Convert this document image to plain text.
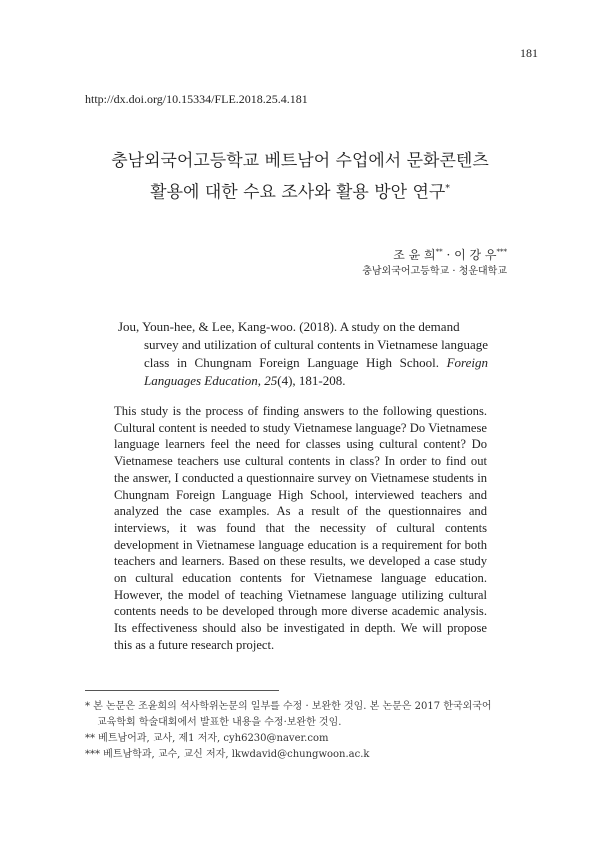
181
http://dx.doi.org/10.15334/FLE.2018.25.4.181
충남외국어고등학교 베트남어 수업에서 문화콘텐츠
활용에 대한 수요 조사와 활용 방안 연구*
조 윤 희** · 이 강 우***
충남외국어고등학교 · 청운대학교
Jou, Youn-hee, & Lee, Kang-woo. (2018). A study on the demand
survey and utilization of cultural contents in Vietnamese language class in Chungnam Foreign Language High School. Foreign Languages Education, 25(4), 181-208.

This study is the process of finding answers to the following questions. Cultural content is needed to study Vietnamese language? Do Vietnamese language learners feel the need for classes using cultural content? Do Vietnamese teachers use cultural contents in class? In order to find out the answer, I conducted a questionnaire survey on Vietnamese students in Chungnam Foreign Language High School, interviewed teachers and analyzed the case examples. As a result of the questionnaires and interviews, it was found that the necessity of cultural contents development in Vietnamese language education is a requirement for both teachers and learners. Based on these results, we developed a case study on cultural education contents for Vietnamese language education. However, the model of teaching Vietnamese language utilizing cultural contents needs to be developed through more diverse academic analysis. Its effectiveness should also be investigated in depth. We will propose this as a future research project.

* 본 논문은 조윤희의 석사학위논문의 일부를 수정 · 보완한 것임. 본 논문은 2017 한국외국어

교육학회 학술대회에서 발표한 내용을 수정·보완한 것임.

** 베트남어과, 교사, 제1 저자, cyh6230@naver.com

*** 베트남학과, 교수, 교신 저자, lkwdavid@chungwoon.ac.k
